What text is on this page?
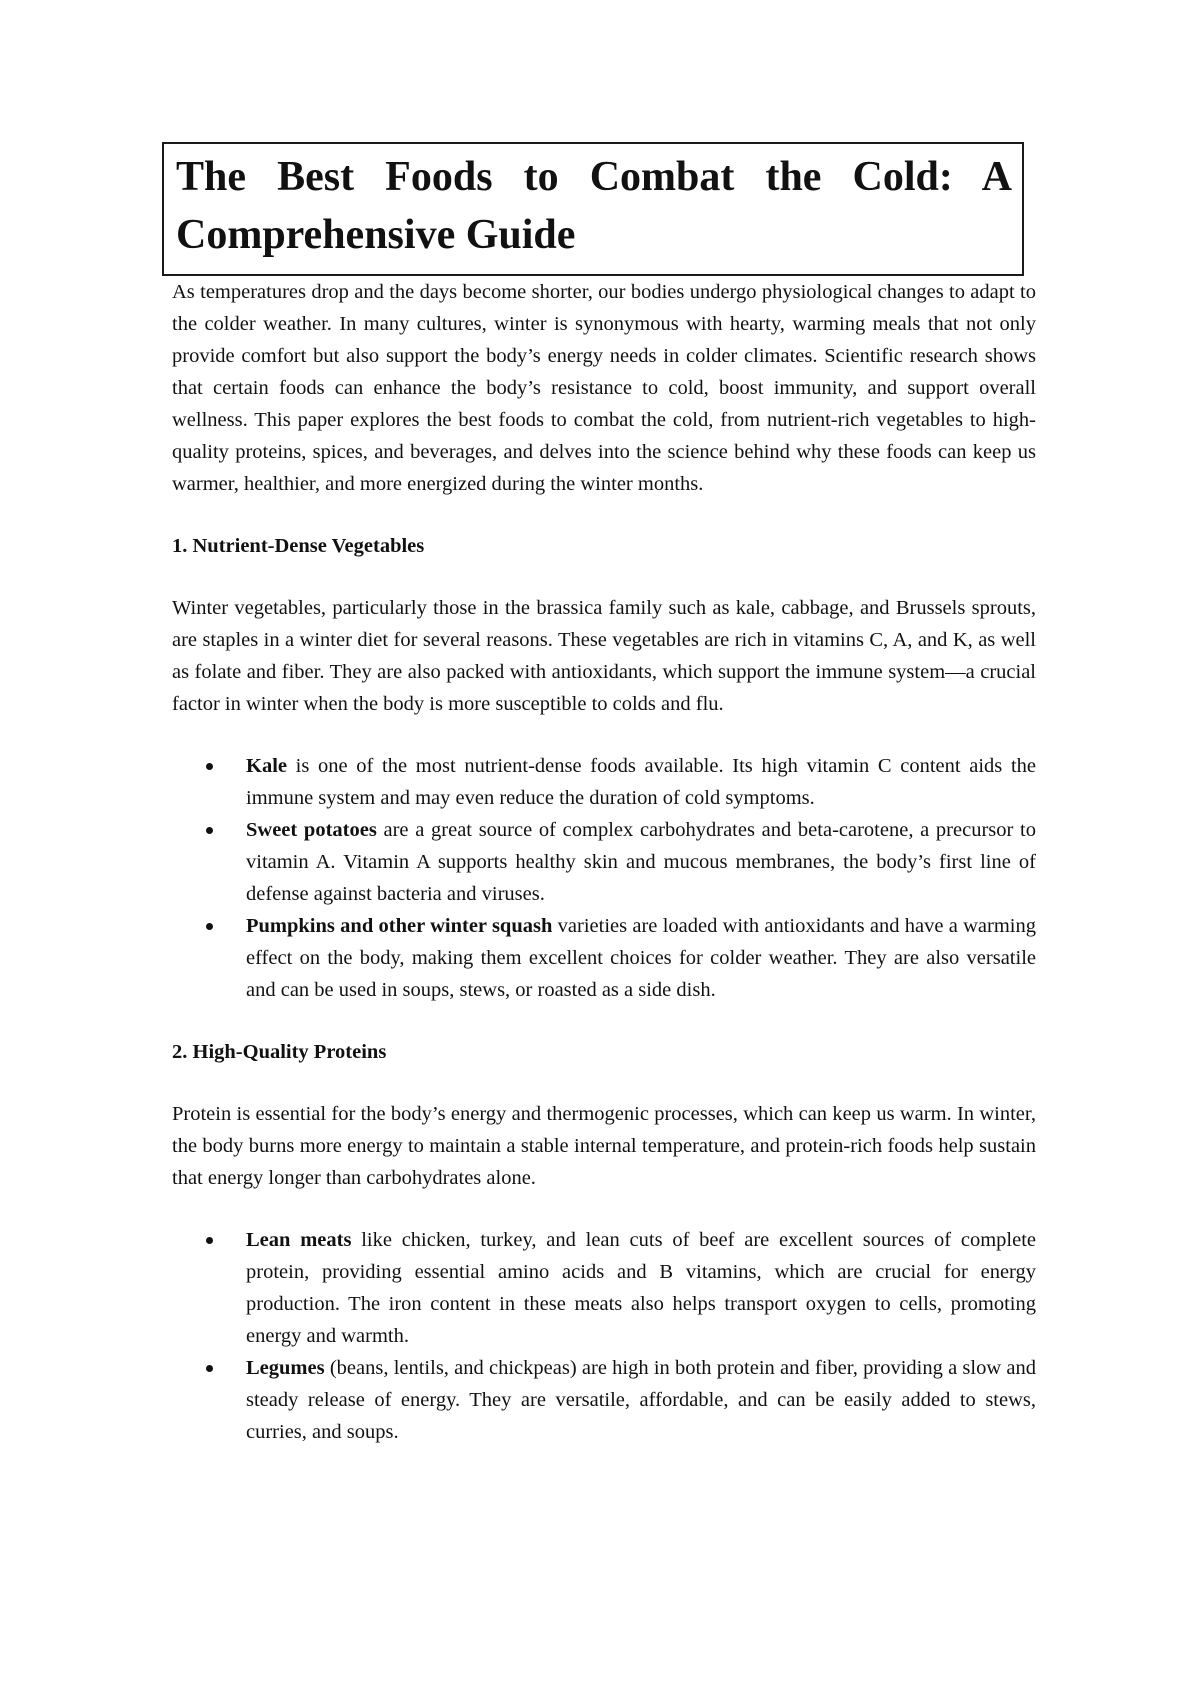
The Best Foods to Combat the Cold: A Comprehensive Guide

As temperatures drop and the days become shorter, our bodies undergo physiological changes to adapt to the colder weather. In many cultures, winter is synonymous with hearty, warming meals that not only provide comfort but also support the body’s energy needs in colder climates. Scientific research shows that certain foods can enhance the body’s resistance to cold, boost immunity, and support overall wellness. This paper explores the best foods to combat the cold, from nutrient-rich vegetables to high-quality proteins, spices, and beverages, and delves into the science behind why these foods can keep us warmer, healthier, and more energized during the winter months.

1. Nutrient-Dense Vegetables

Winter vegetables, particularly those in the brassica family such as kale, cabbage, and Brussels sprouts, are staples in a winter diet for several reasons. These vegetables are rich in vitamins C, A, and K, as well as folate and fiber. They are also packed with antioxidants, which support the immune system—a crucial factor in winter when the body is more susceptible to colds and flu.

Kale is one of the most nutrient-dense foods available. Its high vitamin C content aids the immune system and may even reduce the duration of cold symptoms.
Sweet potatoes are a great source of complex carbohydrates and beta-carotene, a precursor to vitamin A. Vitamin A supports healthy skin and mucous membranes, the body’s first line of defense against bacteria and viruses.
Pumpkins and other winter squash varieties are loaded with antioxidants and have a warming effect on the body, making them excellent choices for colder weather. They are also versatile and can be used in soups, stews, or roasted as a side dish.
2. High-Quality Proteins

Protein is essential for the body’s energy and thermogenic processes, which can keep us warm. In winter, the body burns more energy to maintain a stable internal temperature, and protein-rich foods help sustain that energy longer than carbohydrates alone.

Lean meats like chicken, turkey, and lean cuts of beef are excellent sources of complete protein, providing essential amino acids and B vitamins, which are crucial for energy production. The iron content in these meats also helps transport oxygen to cells, promoting energy and warmth.
Legumes (beans, lentils, and chickpeas) are high in both protein and fiber, providing a slow and steady release of energy. They are versatile, affordable, and can be easily added to stews, curries, and soups.
